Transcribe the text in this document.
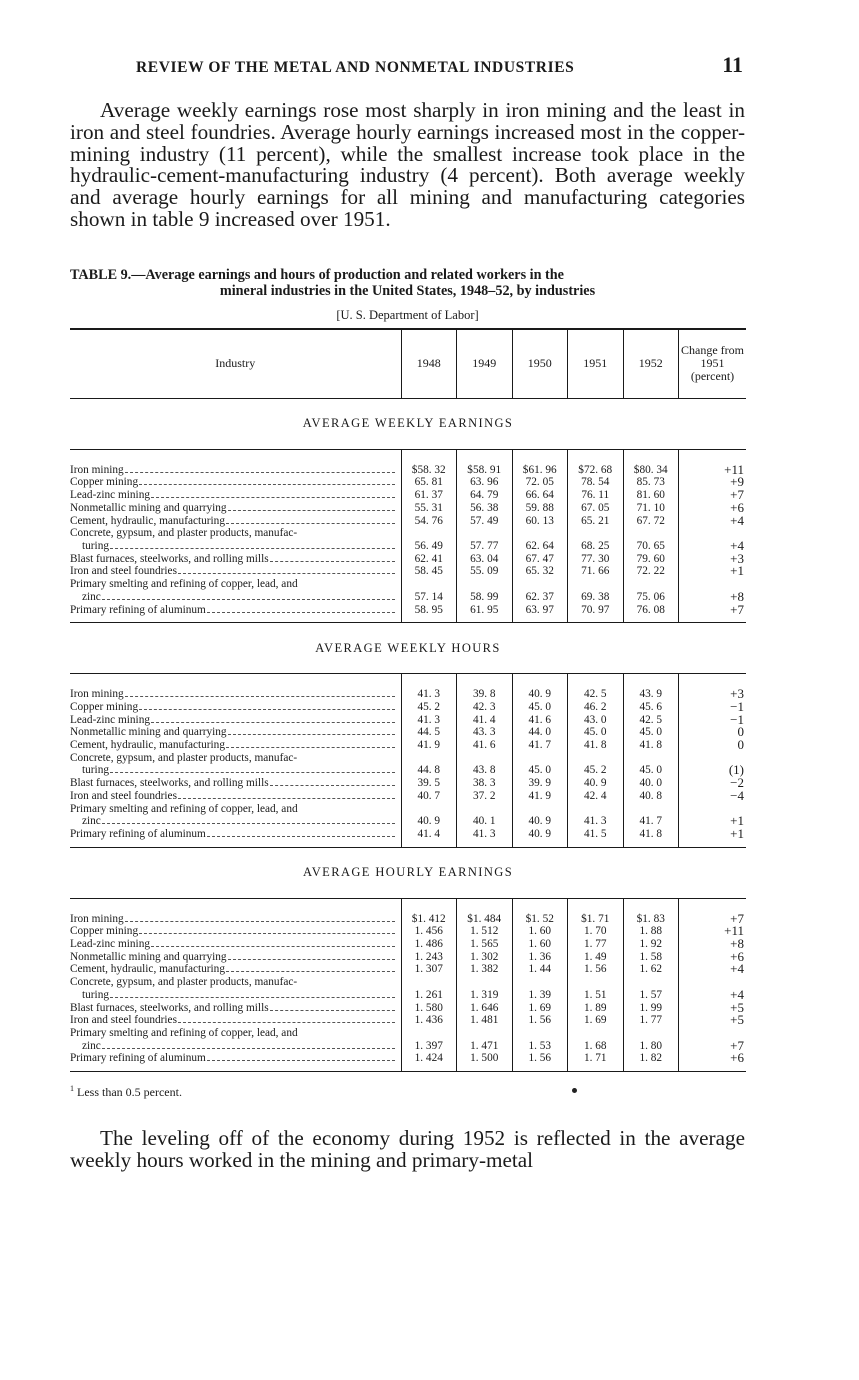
REVIEW OF THE METAL AND NONMETAL INDUSTRIES	11

Average weekly earnings rose most sharply in iron mining and the least in iron and steel foundries. Average hourly earnings increased most in the copper-mining industry (11 percent), while the smallest increase took place in the hydraulic-cement-manufacturing industry (4 percent). Both average weekly and average hourly earnings for all mining and manufacturing categories shown in table 9 increased over 1951.

TABLE 9.—Average earnings and hours of production and related workers in the
mineral industries in the United States, 1948–52, by industries
[U. S. Department of Labor]
Industry	1948	1949	1950	1951	1952	Change from 1951 (percent)
AVERAGE WEEKLY EARNINGS						

Iron mining	$58. 32	$58. 91	$61. 96	$72. 68	$80. 34	+11

Copper mining	65. 81	63. 96	72. 05	78. 54	85. 73	+9

Lead-zinc mining	61. 37	64. 79	66. 64	76. 11	81. 60	+7

Nonmetallic mining and quarrying	55. 31	56. 38	59. 88	67. 05	71. 10	+6

Cement, hydraulic, manufacturing	54. 76	57. 49	60. 13	65. 21	67. 72	+4

Concrete, gypsum, and plaster products, manufac-
turing	56. 49	57. 77	62. 64	68. 25	70. 65	+4

Blast furnaces, steelworks, and rolling mills	62. 41	63. 04	67. 47	77. 30	79. 60	+3

Iron and steel foundries	58. 45	55. 09	65. 32	71. 66	72. 22	+1

Primary smelting and refining of copper, lead, and
zinc	57. 14	58. 99	62. 37	69. 38	75. 06	+8

Primary refining of aluminum	58. 95	61. 95	63. 97	70. 97	76. 08	+7
AVERAGE WEEKLY HOURS						

Iron mining	41. 3	39. 8	40. 9	42. 5	43. 9	+3

Copper mining	45. 2	42. 3	45. 0	46. 2	45. 6	−1

Lead-zinc mining	41. 3	41. 4	41. 6	43. 0	42. 5	−1

Nonmetallic mining and quarrying	44. 5	43. 3	44. 0	45. 0	45. 0	0

Cement, hydraulic, manufacturing	41. 9	41. 6	41. 7	41. 8	41. 8	0

Concrete, gypsum, and plaster products, manufac-
turing	44. 8	43. 8	45. 0	45. 2	45. 0	(1)

Blast furnaces, steelworks, and rolling mills	39. 5	38. 3	39. 9	40. 9	40. 0	−2

Iron and steel foundries	40. 7	37. 2	41. 9	42. 4	40. 8	−4

Primary smelting and refining of copper, lead, and
zinc	40. 9	40. 1	40. 9	41. 3	41. 7	+1

Primary refining of aluminum	41. 4	41. 3	40. 9	41. 5	41. 8	+1
AVERAGE HOURLY EARNINGS						

Iron mining	$1. 412	$1. 484	$1. 52	$1. 71	$1. 83	+7

Copper mining	1. 456	1. 512	1. 60	1. 70	1. 88	+11

Lead-zinc mining	1. 486	1. 565	1. 60	1. 77	1. 92	+8

Nonmetallic mining and quarrying	1. 243	1. 302	1. 36	1. 49	1. 58	+6

Cement, hydraulic, manufacturing	1. 307	1. 382	1. 44	1. 56	1. 62	+4

Concrete, gypsum, and plaster products, manufac-
turing	1. 261	1. 319	1. 39	1. 51	1. 57	+4

Blast furnaces, steelworks, and rolling mills	1. 580	1. 646	1. 69	1. 89	1. 99	+5

Iron and steel foundries	1. 436	1. 481	1. 56	1. 69	1. 77	+5

Primary smelting and refining of copper, lead, and
zinc	1. 397	1. 471	1. 53	1. 68	1. 80	+7

Primary refining of aluminum	1. 424	1. 500	1. 56	1. 71	1. 82	+6
$^1$ Less than 0.5 percent.

The leveling off of the economy during 1952 is reflected in the average weekly hours worked in the mining and primary-metal
